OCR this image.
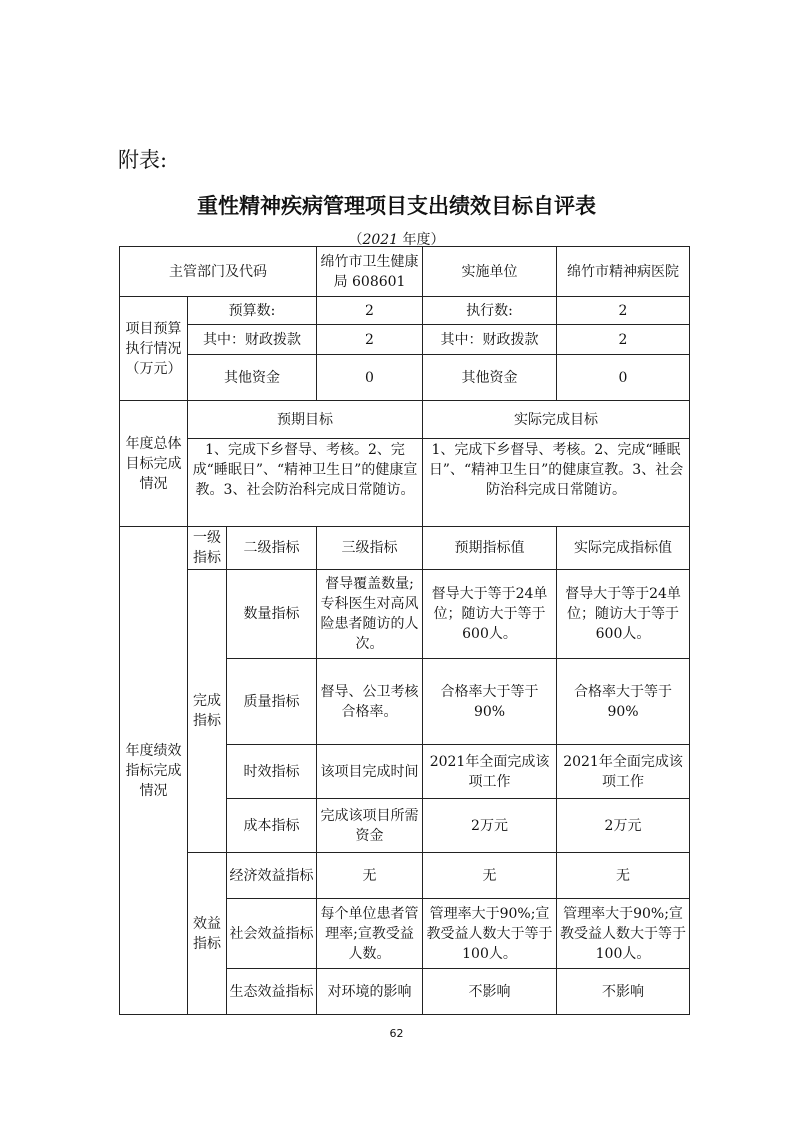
附表:
重性精神疾病管理项目支出绩效目标自评表
（2021 年度）
主管部门及代码			绵竹市卫生健康局 608601	实施单位	绵竹市精神病医院
项目预算执行情况（万元）	预算数:		2	执行数:	2
	其中：财政拨款		2	其中：财政拨款	2
	其他资金		0	其他资金	0
年度总体目标完成情况	预期目标			实际完成目标	
	1、完成下乡督导、考核。2、完成“睡眠日”、“精神卫生日”的健康宣教。3、社会防治科完成日常随访。			1、完成下乡督导、考核。2、完成“睡眠日”、“精神卫生日”的健康宣教。3、社会防治科完成日常随访。	
年度绩效指标完成情况	一级指标	二级指标	三级指标	预期指标值	实际完成指标值
	完成指标	数量指标	督导覆盖数量;专科医生对高风险患者随访的人次。	督导大于等于24单位；随访大于等于600人。	督导大于等于24单位；随访大于等于600人。
		质量指标	督导、公卫考核合格率。	合格率大于等于90%	合格率大于等于90%
		时效指标	该项目完成时间	2021年全面完成该项工作	2021年全面完成该项工作
		成本指标	完成该项目所需资金	2万元	2万元
	效益指标	经济效益指标	无	无	无
		社会效益指标	每个单位患者管理率;宣教受益人数。	管理率大于90%;宣教受益人数大于等于100人。	管理率大于90%;宣教受益人数大于等于100人。
		生态效益指标	对环境的影响	不影响	不影响
62
